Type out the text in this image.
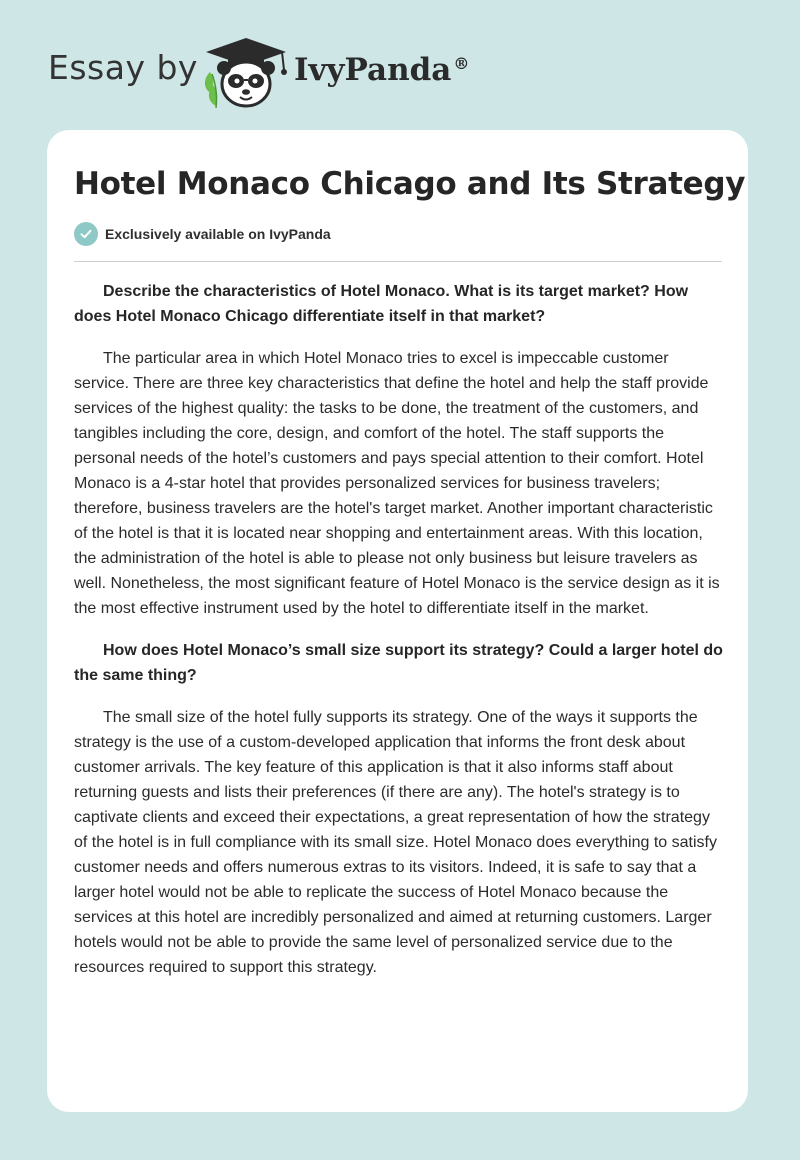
Essay by	IvyPanda ®
Hotel Monaco Chicago and Its Strategy
Exclusively available on IvyPanda

Describe the characteristics of Hotel Monaco. What is its target market? How does Hotel Monaco Chicago differentiate itself in that market?

The particular area in which Hotel Monaco tries to excel is impeccable customer service. There are three key characteristics that define the hotel and help the staff provide services of the highest quality: the tasks to be done, the treatment of the customers, and tangibles including the core, design, and comfort of the hotel. The staff supports the personal needs of the hotel’s customers and pays special attention to their comfort. Hotel Monaco is a 4-star hotel that provides personalized services for business travelers; therefore, business travelers are the hotel's target market. Another important characteristic of the hotel is that it is located near shopping and entertainment areas. With this location, the administration of the hotel is able to please not only business but leisure travelers as well. Nonetheless, the most significant feature of Hotel Monaco is the service design as it is the most effective instrument used by the hotel to differentiate itself in the market.

How does Hotel Monaco’s small size support its strategy? Could a larger hotel do the same thing?

The small size of the hotel fully supports its strategy. One of the ways it supports the strategy is the use of a custom-developed application that informs the front desk about customer arrivals. The key feature of this application is that it also informs staff about returning guests and lists their preferences (if there are any). The hotel's strategy is to captivate clients and exceed their expectations, a great representation of how the strategy of the hotel is in full compliance with its small size. Hotel Monaco does everything to satisfy customer needs and offers numerous extras to its visitors. Indeed, it is safe to say that a larger hotel would not be able to replicate the success of Hotel Monaco because the services at this hotel are incredibly personalized and aimed at returning customers. Larger hotels would not be able to provide the same level of personalized service due to the resources required to support this strategy.
